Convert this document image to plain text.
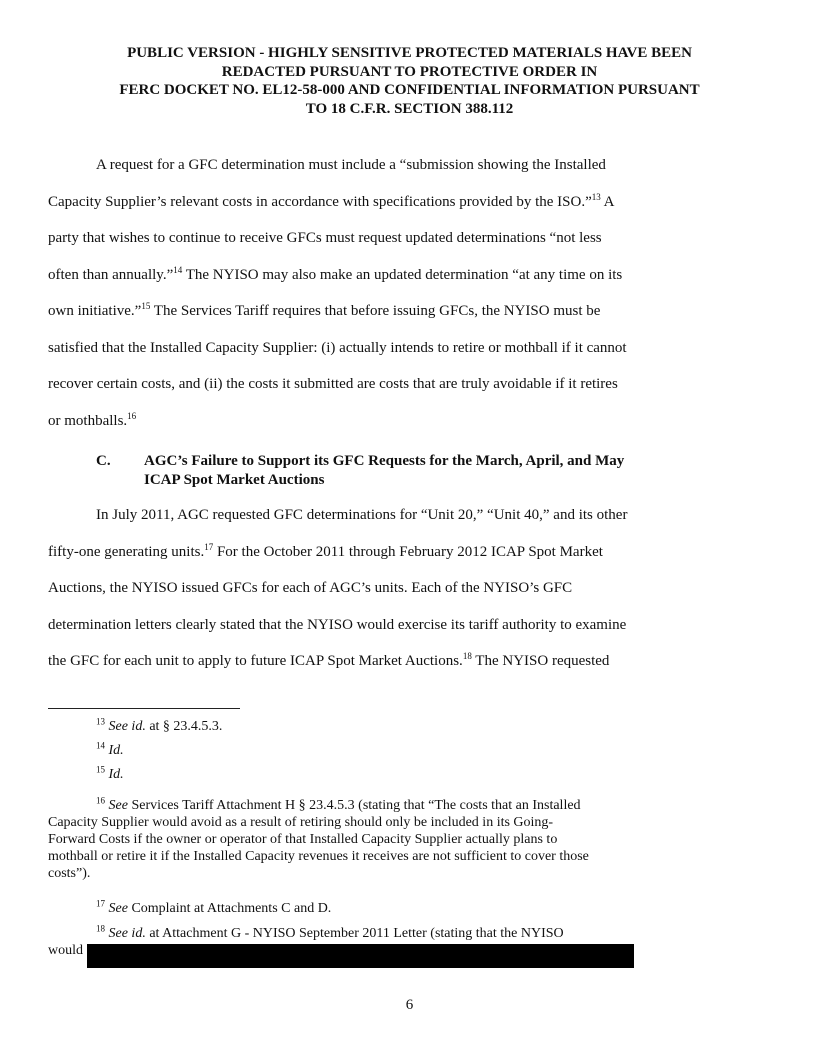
PUBLIC VERSION - HIGHLY SENSITIVE PROTECTED MATERIALS HAVE BEEN
REDACTED PURSUANT TO PROTECTIVE ORDER IN
FERC DOCKET NO. EL12-58-000 AND CONFIDENTIAL INFORMATION PURSUANT
TO 18 C.F.R. SECTION 388.112
A request for a GFC determination must include a “submission showing the Installed
Capacity Supplier’s relevant costs in accordance with specifications provided by the ISO.”$^{13}$ A
party that wishes to continue to receive GFCs must request updated determinations “not less
often than annually.”$^{14}$ The NYISO may also make an updated determination “at any time on its
own initiative.”$^{15}$ The Services Tariff requires that before issuing GFCs, the NYISO must be
satisfied that the Installed Capacity Supplier: (i) actually intends to retire or mothball if it cannot
recover certain costs, and (ii) the costs it submitted are costs that are truly avoidable if it retires
or mothballs.$^{16}$
C. AGC’s Failure to Support its GFC Requests for the March, April, and May
ICAP Spot Market Auctions
In July 2011, AGC requested GFC determinations for “Unit 20,” “Unit 40,” and its other
fifty-one generating units.$^{17}$ For the October 2011 through February 2012 ICAP Spot Market
Auctions, the NYISO issued GFCs for each of AGC’s units. Each of the NYISO’s GFC
determination letters clearly stated that the NYISO would exercise its tariff authority to examine
the GFC for each unit to apply to future ICAP Spot Market Auctions.$^{18}$ The NYISO requested
$^{13}$ See id. at § 23.4.5.3.
$^{14}$ Id.
$^{15}$ Id.
$^{16}$ See Services Tariff Attachment H § 23.4.5.3 (stating that “The costs that an Installed
Capacity Supplier would avoid as a result of retiring should only be included in its Going-
Forward Costs if the owner or operator of that Installed Capacity Supplier actually plans to
mothball or retire it if the Installed Capacity revenues it receives are not sufficient to cover those
costs”).
$^{17}$ See Complaint at Attachments C and D.
$^{18}$ See id. at Attachment G - NYISO September 2011 Letter (stating that the NYISO
would
6
